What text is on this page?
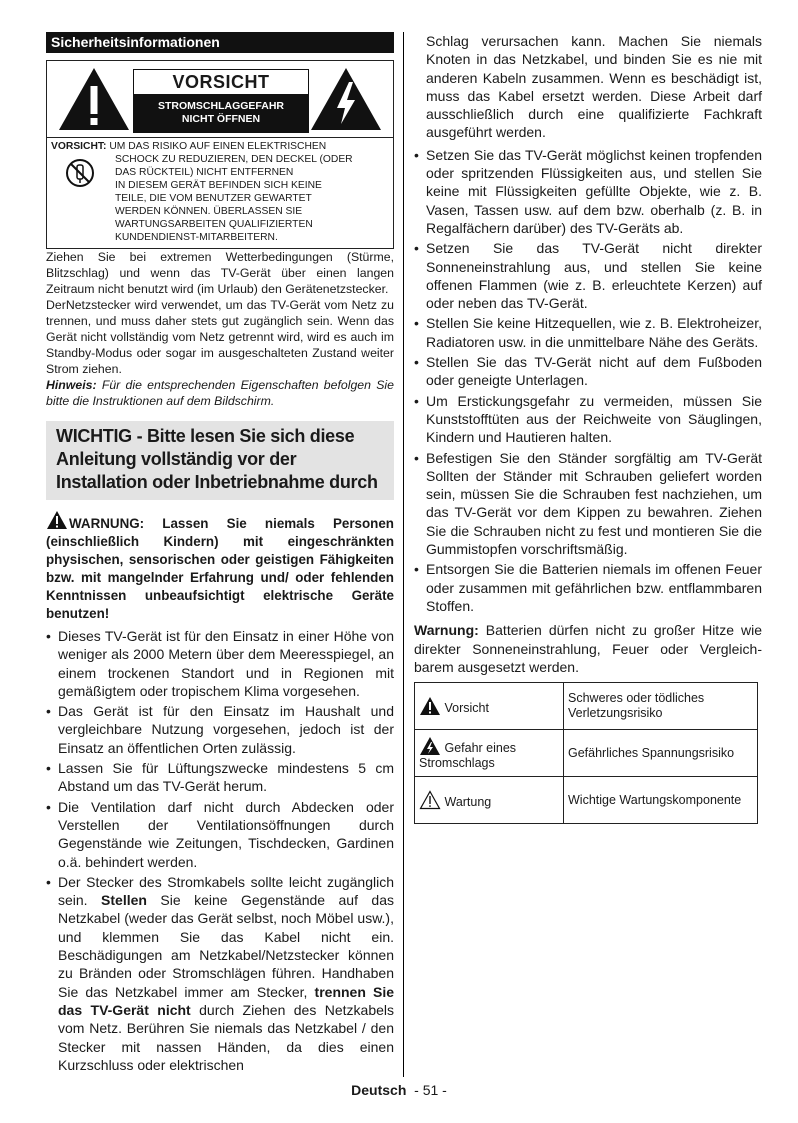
Sicherheitsinformationen
VORSICHT
STROMSCHLAGGEFAHR
NICHT ÖFFNEN
VORSICHT: UM DAS RISIKO AUF EINEN ELEKTRISCHEN
SCHOCK ZU REDUZIEREN, DEN DECKEL (ODER
DAS RÜCKTEIL) NICHT ENTFERNEN
IN DIESEM GERÄT BEFINDEN SICH KEINE
TEILE, DIE VOM BENUTZER GEWARTET
WERDEN KÖNNEN. ÜBERLASSEN SIE
WARTUNGSARBEITEN QUALIFIZIERTEN
KUNDENDIENST-MITARBEITERN.

Ziehen Sie bei extremen Wetterbedingungen (Stürme, Blitzschlag) und wenn das TV-Gerät über einen langen Zeitraum nicht benutzt wird (im Urlaub) den Gerätenetzstecker.

DerNetzstecker wird verwendet, um das TV-Gerät vom Netz zu trennen, und muss daher stets gut zugänglich sein. Wenn das Gerät nicht vollständig vom Netz getrennt wird, wird es auch im Standby-Modus oder sogar im ausgeschalteten Zustand weiter Strom ziehen.

Hinweis: Für die entsprechenden Eigenschaften befolgen Sie bitte die Instruktionen auf dem Bildschirm.

WICHTIG - Bitte lesen Sie sich diese Anleitung vollständig vor der Installation oder Inbetriebnahme durch
WARNUNG: Lassen Sie niemals Personen (einschließlich Kindern) mit eingeschränkten physischen, sensorischen oder geistigen Fähigkeiten bzw. mit mangelnder Erfahrung und/ oder fehlenden Kenntnissen unbeaufsichtigt elektrische Geräte benutzen!
• Dieses TV-Gerät ist für den Einsatz in einer Höhe von weniger als 2000 Metern über dem Meeresspiegel, an einem trockenen Standort und in Regionen mit gemäßigtem oder tropischem Klima vorgesehen.
• Das Gerät ist für den Einsatz im Haushalt und vergleichbare Nutzung vorgesehen, jedoch ist der Einsatz an öffentlichen Orten zulässig.
• Lassen Sie für Lüftungszwecke mindestens 5 cm Abstand um das TV-Gerät herum.
• Die Ventilation darf nicht durch Abdecken oder Verstellen der Ventilationsöffnungen durch Gegenstände wie Zeitungen, Tischdecken, Gardinen o.ä. behindert werden.
• Der Stecker des Stromkabels sollte leicht zugänglich sein. Stellen Sie keine Gegenstände auf das Netzkabel (weder das Gerät selbst, noch Möbel usw.), und klemmen Sie das Kabel nicht ein. Beschädigungen am Netzkabel/Netzstecker können zu Bränden oder Stromschlägen führen. Handhaben Sie das Netzkabel immer am Stecker, trennen Sie das TV-Gerät nicht durch Ziehen des Netzkabels vom Netz. Berühren Sie niemals das Netzkabel / den Stecker mit nassen Händen, da dies einen Kurzschluss oder elektrischen
Schlag verursachen kann. Machen Sie niemals Knoten in das Netzkabel, und binden Sie es nie mit anderen Kabeln zusammen. Wenn es beschädigt ist, muss das Kabel ersetzt werden. Diese Arbeit darf ausschließlich durch eine qualifizierte Fachkraft ausgeführt werden.
• Setzen Sie das TV-Gerät möglichst keinen tropfenden oder spritzenden Flüssigkeiten aus, und stellen Sie keine mit Flüssigkeiten gefüllte Objekte, wie z. B. Vasen, Tassen usw. auf dem bzw. oberhalb (z. B. in Regalfächern darüber) des TV-Geräts ab.
• Setzen Sie das TV-Gerät nicht direkter Sonneneinstrahlung aus, und stellen Sie keine offenen Flammen (wie z. B. erleuchtete Kerzen) auf oder neben das TV-Gerät.
• Stellen Sie keine Hitzequellen, wie z. B. Elektroheizer, Radiatoren usw. in die unmittelbare Nähe des Geräts.
• Stellen Sie das TV-Gerät nicht auf dem Fußboden oder geneigte Unterlagen.
• Um Erstickungsgefahr zu vermeiden, müssen Sie Kunststofftüten aus der Reichweite von Säuglingen, Kindern und Hautieren halten.
• Befestigen Sie den Ständer sorgfältig am TV-Gerät Sollten der Ständer mit Schrauben geliefert worden sein, müssen Sie die Schrauben fest nachziehen, um das TV-Gerät vor dem Kippen zu bewahren. Ziehen Sie die Schrauben nicht zu fest und montieren Sie die Gummistopfen vorschriftsmäßig.
• Entsorgen Sie die Batterien niemals im offenen Feuer oder zusammen mit gefährlichen bzw. entflammbaren Stoffen.
Warnung: Batterien dürfen nicht zu großer Hitze wie direkter Sonneneinstrahlung, Feuer oder Vergleich-barem ausgesetzt werden.
Vorsicht	Schweres oder tödliches Verletzungsrisiko
Gefahr eines Stromschlags	Gefährliches Spannungsrisiko
Wartung	Wichtige Wartungskomponente
Deutsch - 51 -
